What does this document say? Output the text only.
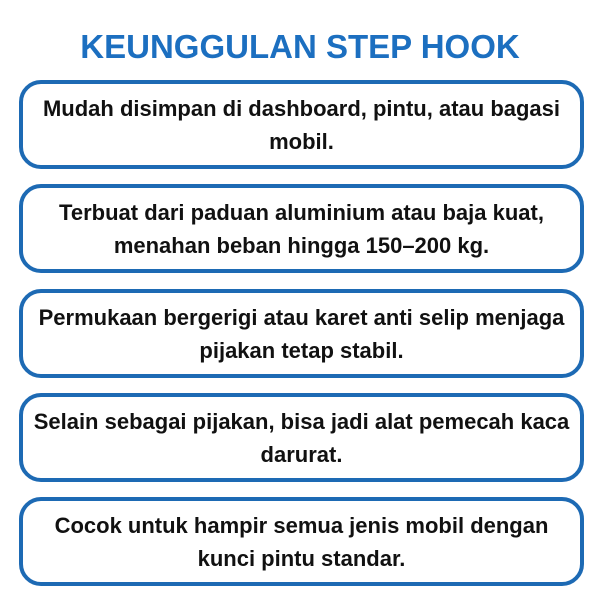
KEUNGGULAN STEP HOOK
Mudah disimpan di dashboard, pintu, atau bagasi mobil.
Terbuat dari paduan aluminium atau baja kuat, menahan beban hingga 150–200 kg.
Permukaan bergerigi atau karet anti selip menjaga pijakan tetap stabil.
Selain sebagai pijakan, bisa jadi alat pemecah kaca darurat.
Cocok untuk hampir semua jenis mobil dengan kunci pintu standar.
